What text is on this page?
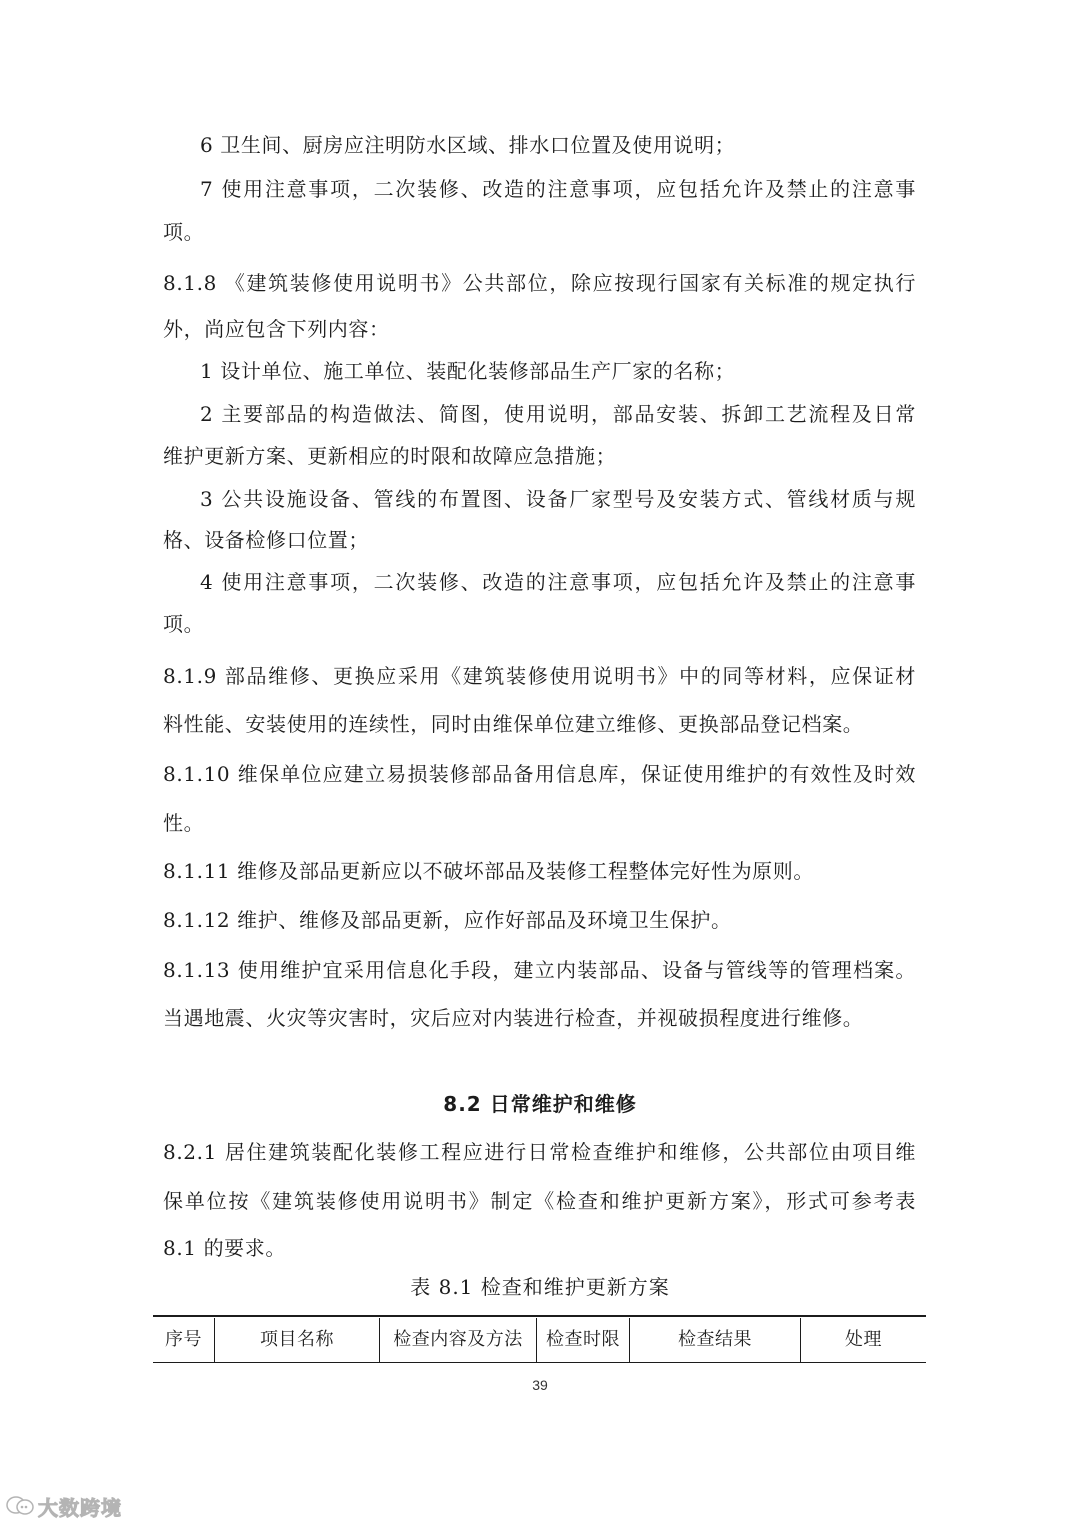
6 卫生间、厨房应注明防水区域、排水口位置及使用说明；
7 使用注意事项，二次装修、改造的注意事项，应包括允许及禁止的注意事
项。
8.1.8 《建筑装修使用说明书》公共部位，除应按现行国家有关标准的规定执行
外，尚应包含下列内容：
1 设计单位、施工单位、装配化装修部品生产厂家的名称；
2 主要部品的构造做法、简图，使用说明，部品安装、拆卸工艺流程及日常
维护更新方案、更新相应的时限和故障应急措施；
3 公共设施设备、管线的布置图、设备厂家型号及安装方式、管线材质与规
格、设备检修口位置；
4 使用注意事项，二次装修、改造的注意事项，应包括允许及禁止的注意事
项。
8.1.9 部品维修、更换应采用《建筑装修使用说明书》中的同等材料，应保证材
料性能、安装使用的连续性，同时由维保单位建立维修、更换部品登记档案。
8.1.10 维保单位应建立易损装修部品备用信息库，保证使用维护的有效性及时效
性。
8.1.11 维修及部品更新应以不破坏部品及装修工程整体完好性为原则。
8.1.12 维护、维修及部品更新，应作好部品及环境卫生保护。
8.1.13 使用维护宜采用信息化手段，建立内装部品、设备与管线等的管理档案。
当遇地震、火灾等灾害时，灾后应对内装进行检查，并视破损程度进行维修。
8.2 日常维护和维修
8.2.1 居住建筑装配化装修工程应进行日常检查维护和维修，公共部位由项目维
保单位按《建筑装修使用说明书》制定《检查和维护更新方案》，形式可参考表
8.1 的要求。
表 8.1 检查和维护更新方案
序号	项目名称	检查内容及方法	检查时限	检查结果	处理
39
大数跨境
